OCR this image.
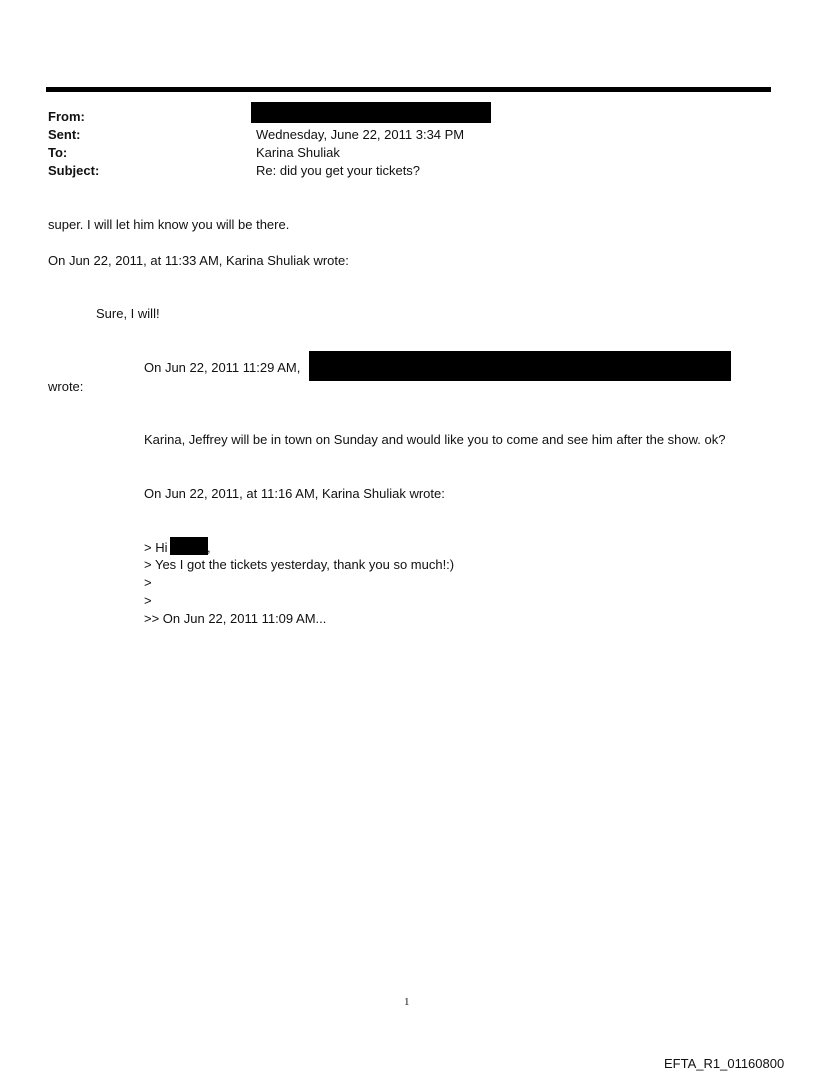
From:
Sent:
To:
Subject:
Wednesday, June 22, 2011 3:34 PM
Karina Shuliak
Re: did you get your tickets?
super. I will let him know you will be there.
On Jun 22, 2011, at 11:33 AM, Karina Shuliak wrote:
Sure, I will!
On Jun 22, 2011 11:29 AM,
wrote:
Karina, Jeffrey will be in town on Sunday and would like you to come and see him after the show. ok?
On Jun 22, 2011, at 11:16 AM, Karina Shuliak wrote:
> Hi	,
> Yes I got the tickets yesterday, thank you so much!:)
>
>
>> On Jun 22, 2011 11:09 AM...
1
EFTA_R1_01160800
